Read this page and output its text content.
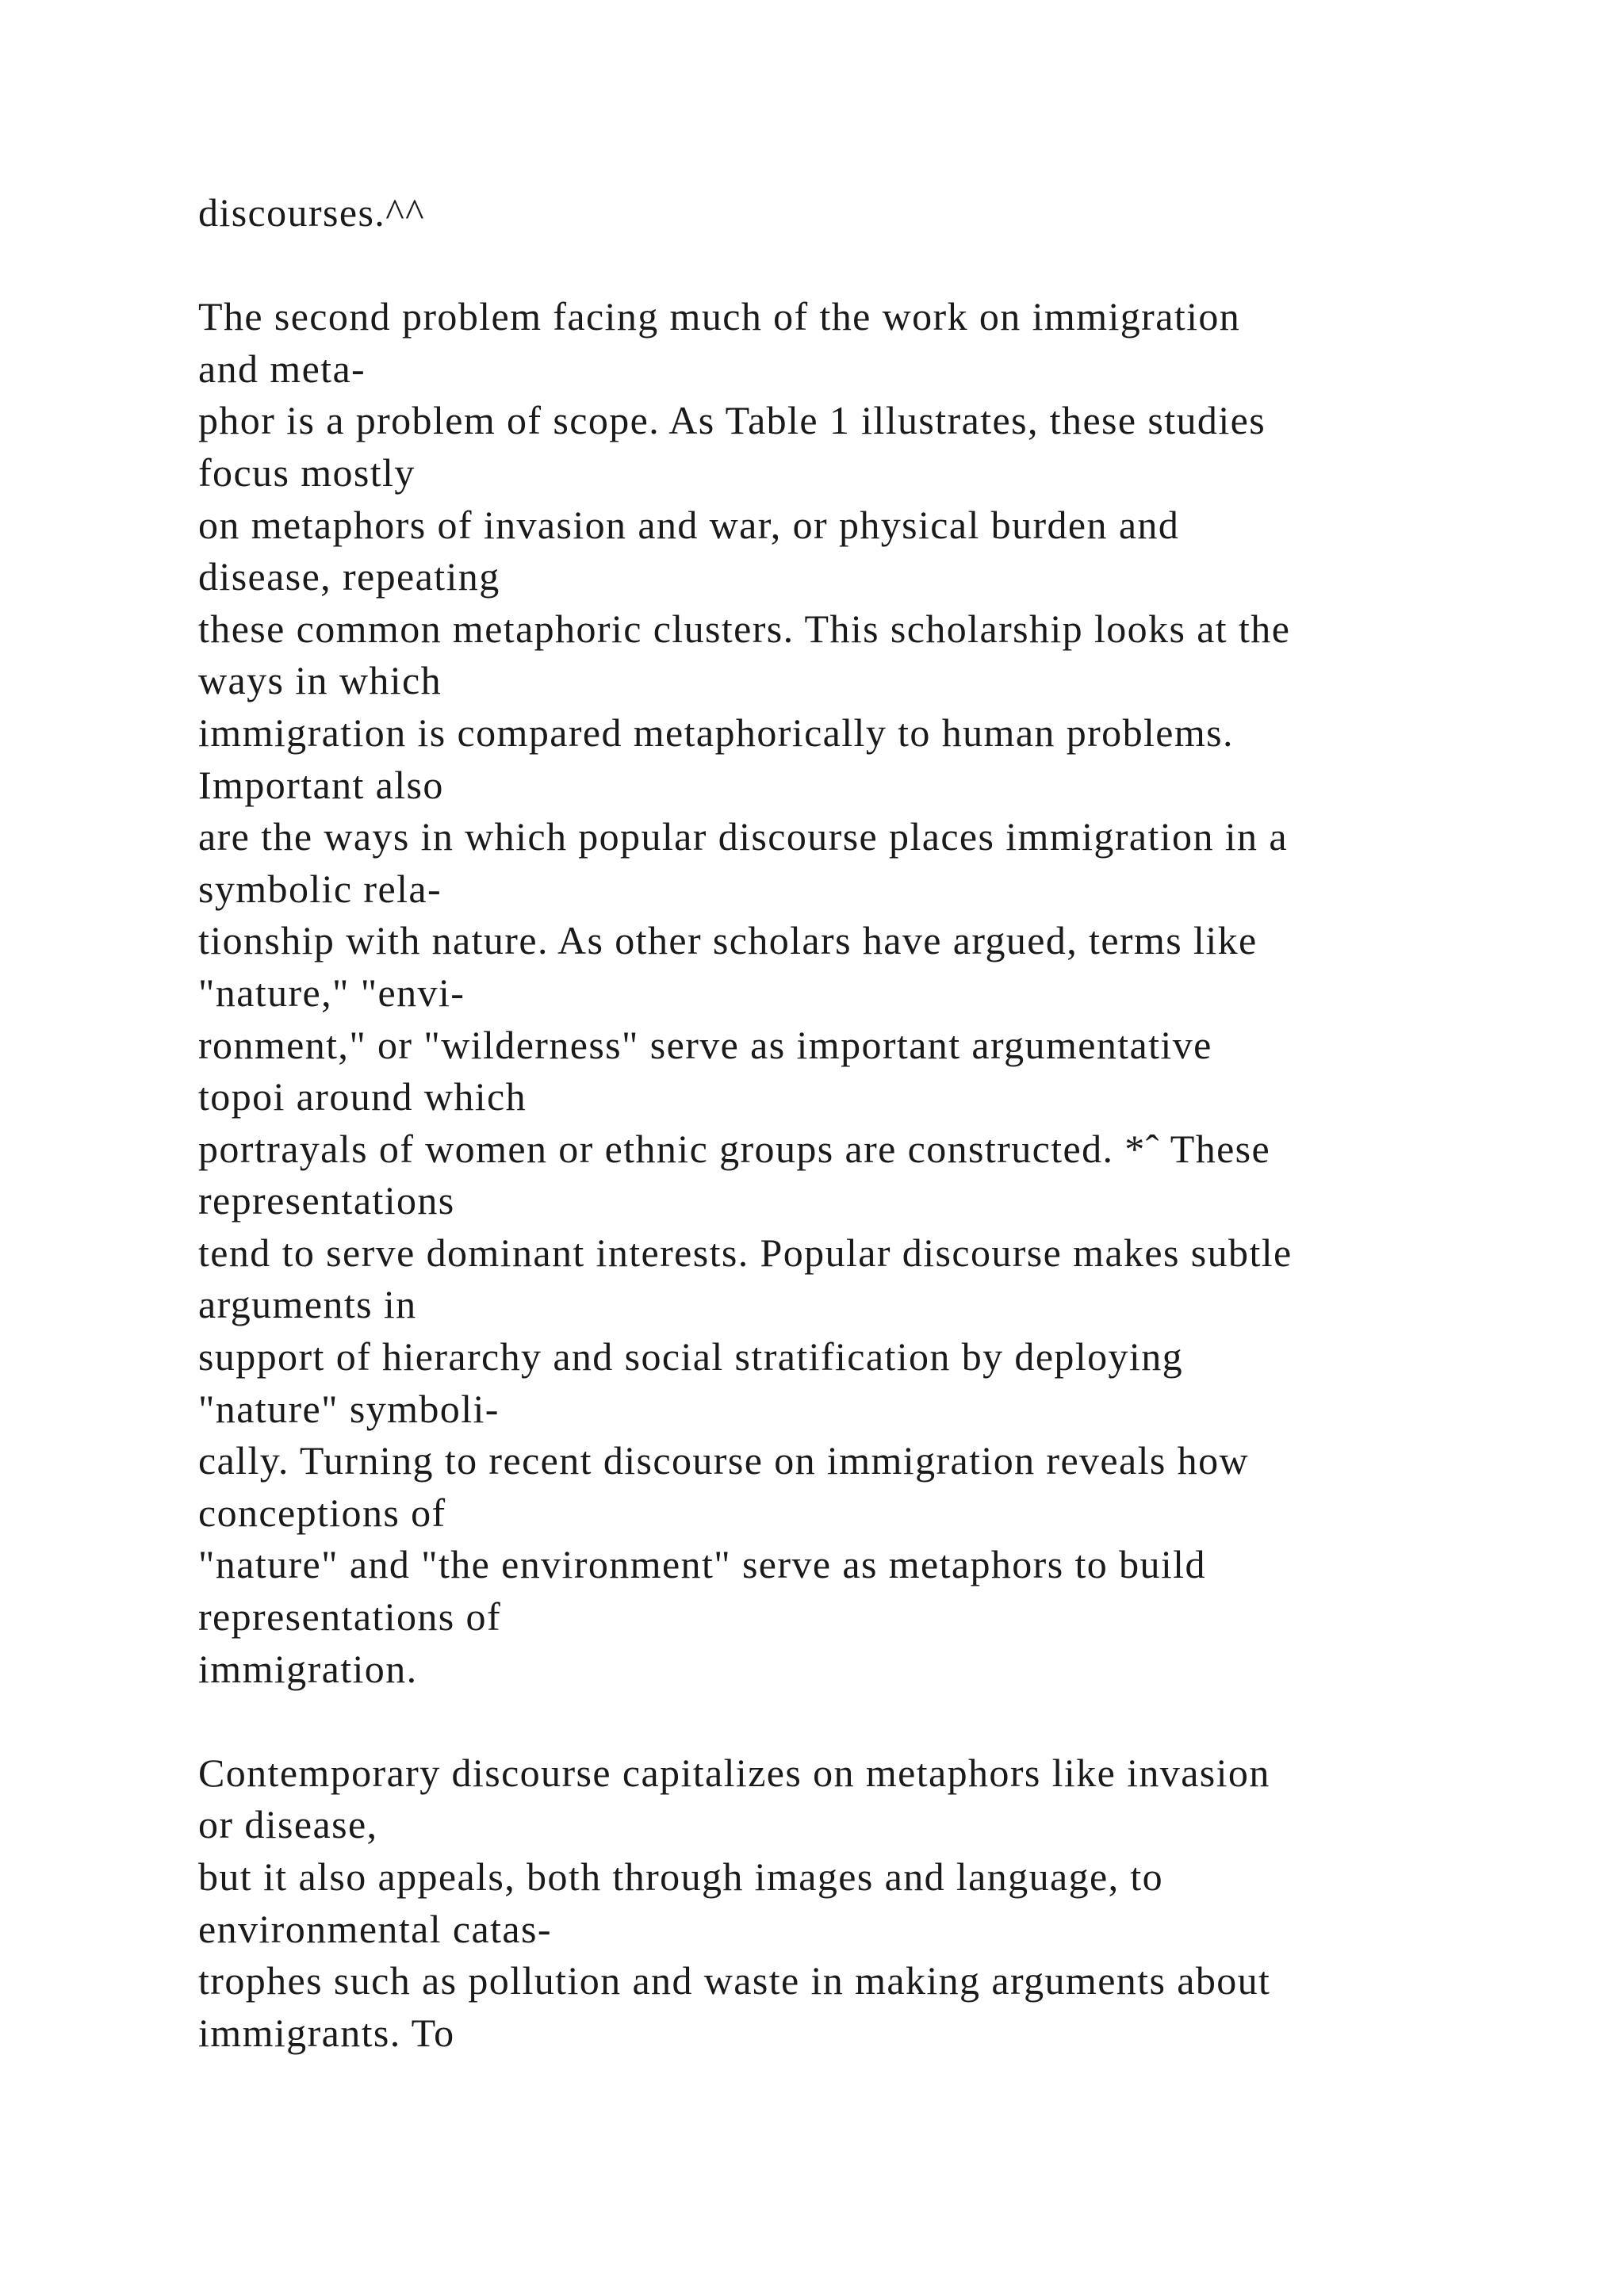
discourses.^^
The second problem facing much of the work on immigration
and meta-
phor is a problem of scope. As Table 1 illustrates, these studies
focus mostly
on metaphors of invasion and war, or physical burden and
disease, repeating
these common metaphoric clusters. This scholarship looks at the
ways in which
immigration is compared metaphorically to human problems.
Important also
are the ways in which popular discourse places immigration in a
symbolic rela-
tionship with nature. As other scholars have argued, terms like
"nature," "envi-
ronment," or "wilderness" serve as important argumentative
topoi around which
portrayals of women or ethnic groups are constructed. *ˆ These
representations
tend to serve dominant interests. Popular discourse makes subtle
arguments in
support of hierarchy and social stratification by deploying
"nature" symboli-
cally. Turning to recent discourse on immigration reveals how
conceptions of
"nature" and "the environment" serve as metaphors to build
representations of
immigration.
Contemporary discourse capitalizes on metaphors like invasion
or disease,
but it also appeals, both through images and language, to
environmental catas-
trophes such as pollution and waste in making arguments about
immigrants. To
